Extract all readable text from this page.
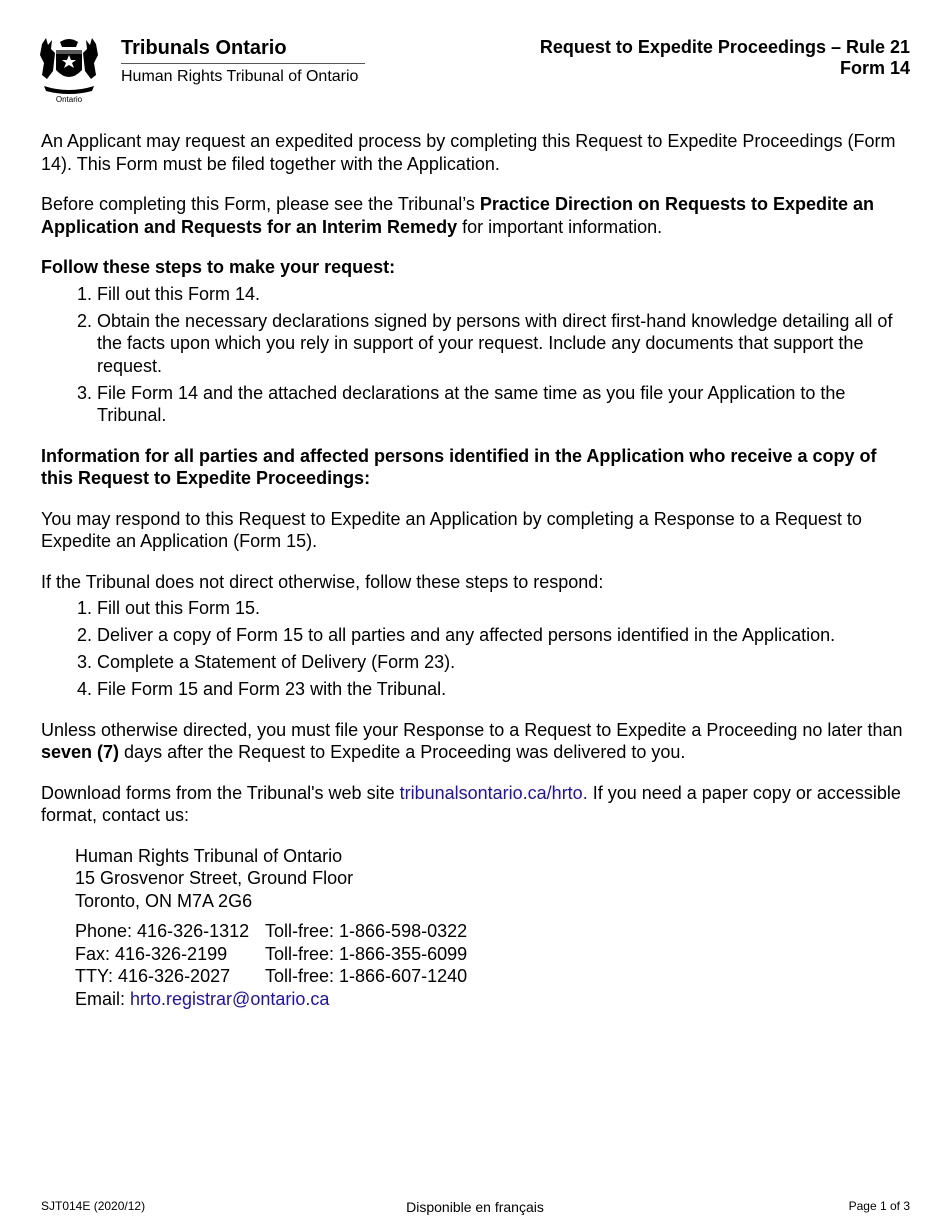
Ontario
Tribunals Ontario
Human Rights Tribunal of Ontario
Request to Expedite Proceedings – Rule 21
Form 14

An Applicant may request an expedited process by completing this Request to Expedite Proceedings (Form 14). This Form must be filed together with the Application.

Before completing this Form, please see the Tribunal’s Practice Direction on Requests to Expedite an Application and Requests for an Interim Remedy for important information.

Follow these steps to make your request:

1. Fill out this Form 14.
2. Obtain the necessary declarations signed by persons with direct first-hand knowledge detailing all of the facts upon which you rely in support of your request. Include any documents that support the request.
3. File Form 14 and the attached declarations at the same time as you file your Application to the Tribunal.

Information for all parties and affected persons identified in the Application who receive a copy of this Request to Expedite Proceedings:

You may respond to this Request to Expedite an Application by completing a Response to a Request to Expedite an Application (Form 15).

If the Tribunal does not direct otherwise, follow these steps to respond:

1. Fill out this Form 15.
2. Deliver a copy of Form 15 to all parties and any affected persons identified in the Application.
3. Complete a Statement of Delivery (Form 23).
4. File Form 15 and Form 23 with the Tribunal.

Unless otherwise directed, you must file your Response to a Request to Expedite a Proceeding no later than seven (7) days after the Request to Expedite a Proceeding was delivered to you.

Download forms from the Tribunal's web site tribunalsontario.ca/hrto. If you need a paper copy or accessible format, contact us:

Human Rights Tribunal of Ontario
15 Grosvenor Street, Ground Floor
Toronto, ON M7A 2G6
Phone: 416-326-1312 Toll-free: 1-866-598-0322
Fax: 416-326-2199	Toll-free: 1-866-355-6099
TTY: 416-326-2027	Toll-free: 1-866-607-1240
Email: hrto.registrar@ontario.ca
SJT014E (2020/12)	Disponible en français	Page 1 of 3
